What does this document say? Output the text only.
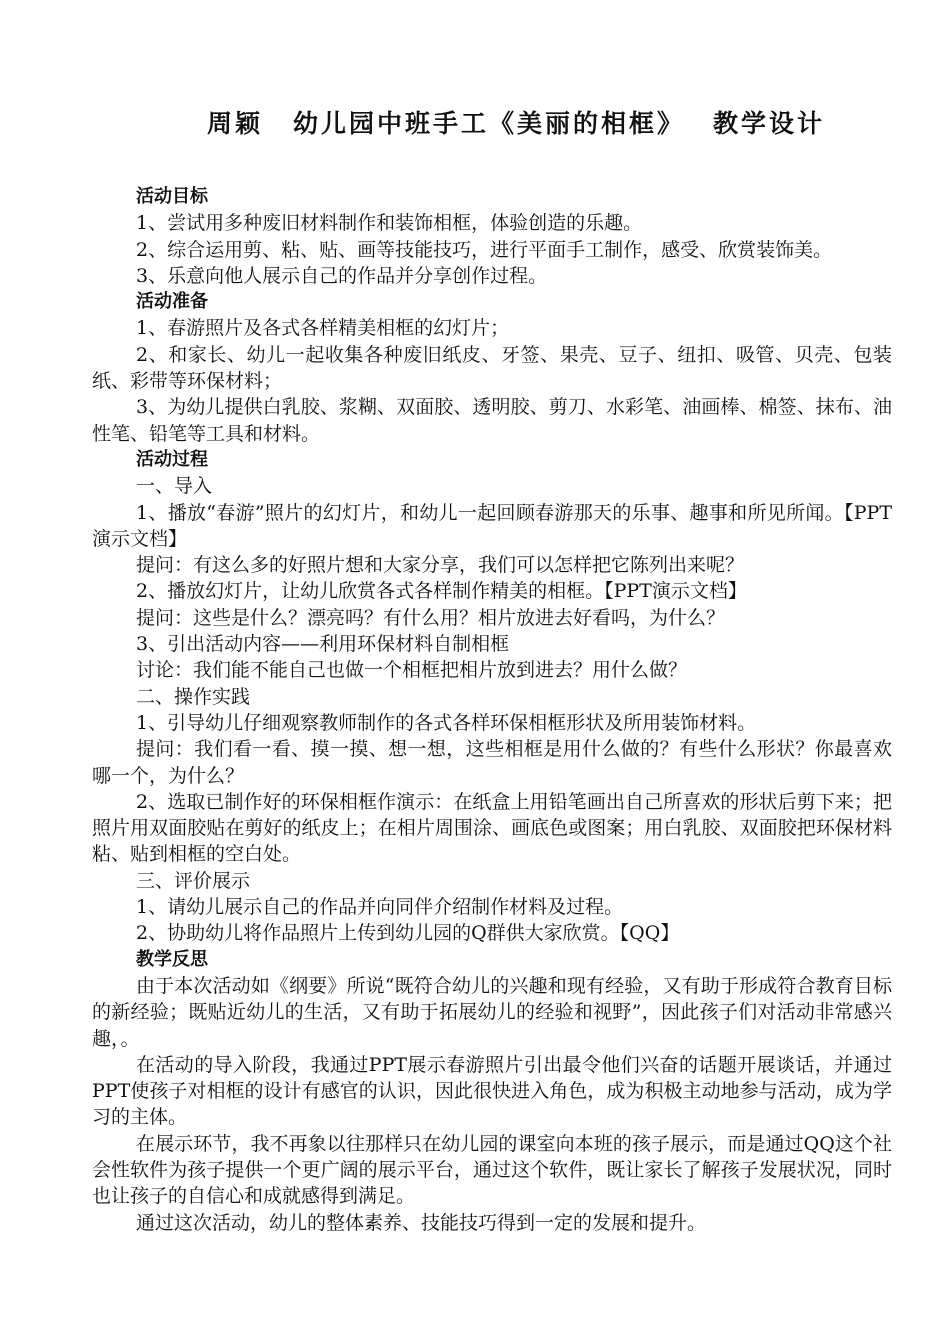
周颖 幼儿园中班手工《美丽的相框》 教学设计
活动目标
1、尝试用多种废旧材料制作和装饰相框，体验创造的乐趣。
2、综合运用剪、粘、贴、画等技能技巧，进行平面手工制作，感受、欣赏装饰美。
3、乐意向他人展示自己的作品并分享创作过程。
活动准备
1、春游照片及各式各样精美相框的幻灯片；
2、和家长、幼儿一起收集各种废旧纸皮、牙签、果壳、豆子、纽扣、吸管、贝壳、包装纸、彩带等环保材料；
3、为幼儿提供白乳胶、浆糊、双面胶、透明胶、剪刀、水彩笔、油画棒、棉签、抹布、油性笔、铅笔等工具和材料。
活动过程
一、导入
1、播放“春游”照片的幻灯片，和幼儿一起回顾春游那天的乐事、趣事和所见所闻。【PPT演示文档】
提问：有这么多的好照片想和大家分享，我们可以怎样把它陈列出来呢？
2、播放幻灯片，让幼儿欣赏各式各样制作精美的相框。【PPT演示文档】
提问：这些是什么？漂亮吗？有什么用？相片放进去好看吗，为什么？
3、引出活动内容——利用环保材料自制相框
讨论：我们能不能自己也做一个相框把相片放到进去？用什么做？
二、操作实践
1、引导幼儿仔细观察教师制作的各式各样环保相框形状及所用装饰材料。
提问：我们看一看、摸一摸、想一想，这些相框是用什么做的？有些什么形状？你最喜欢哪一个，为什么？
2、选取已制作好的环保相框作演示：在纸盒上用铅笔画出自己所喜欢的形状后剪下来；把照片用双面胶贴在剪好的纸皮上；在相片周围涂、画底色或图案；用白乳胶、双面胶把环保材料粘、贴到相框的空白处。
三、评价展示
1、请幼儿展示自己的作品并向同伴介绍制作材料及过程。
2、协助幼儿将作品照片上传到幼儿园的Q群供大家欣赏。【QQ】
教学反思
由于本次活动如《纲要》所说“既符合幼儿的兴趣和现有经验，又有助于形成符合教育目标的新经验；既贴近幼儿的生活，又有助于拓展幼儿的经验和视野”，因此孩子们对活动非常感兴趣，。
在活动的导入阶段，我通过PPT展示春游照片引出最令他们兴奋的话题开展谈话，并通过PPT使孩子对相框的设计有感官的认识，因此很快进入角色，成为积极主动地参与活动，成为学习的主体。
在展示环节，我不再象以往那样只在幼儿园的课室向本班的孩子展示，而是通过QQ这个社会性软件为孩子提供一个更广阔的展示平台，通过这个软件，既让家长了解孩子发展状况，同时也让孩子的自信心和成就感得到满足。
通过这次活动，幼儿的整体素养、技能技巧得到一定的发展和提升。
